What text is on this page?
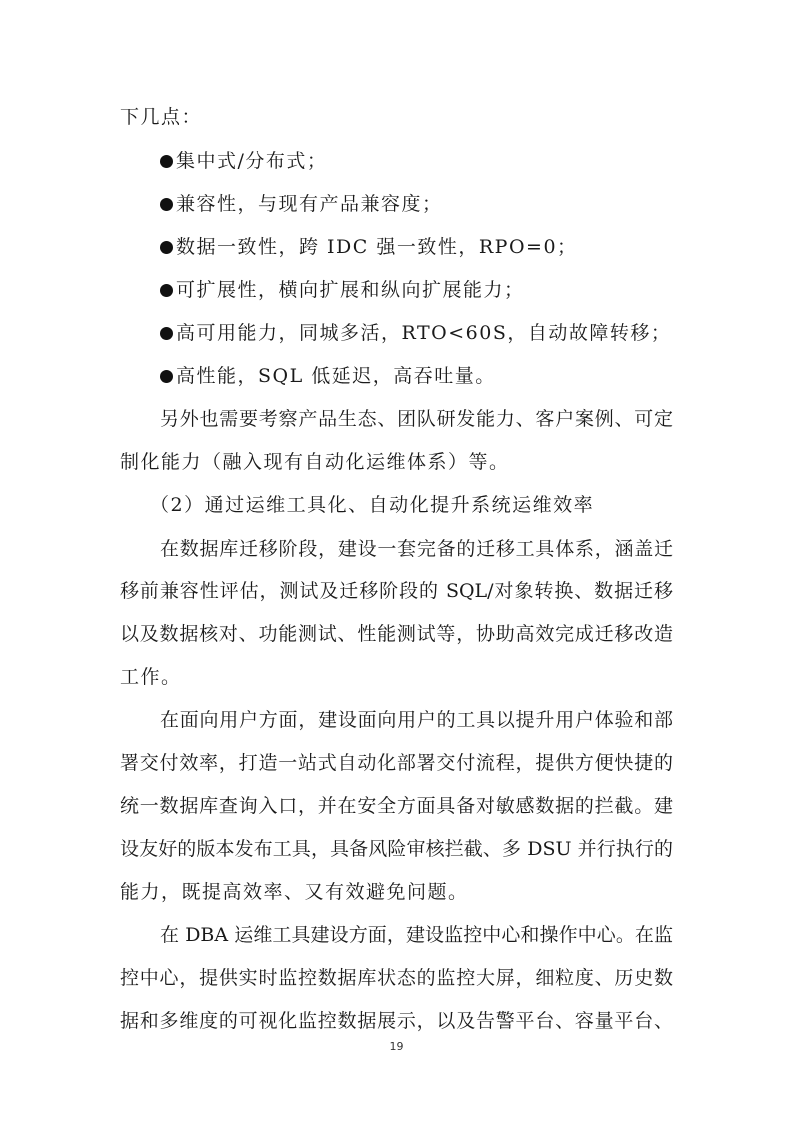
下几点：
集中式/分布式；
兼容性，与现有产品兼容度；
数据一致性，跨 IDC 强一致性，RPO=0；
可扩展性，横向扩展和纵向扩展能力；
高可用能力，同城多活，RTO<60S，自动故障转移；
高性能，SQL 低延迟，高吞吐量。
另外也需要考察产品生态、团队研发能力、客户案例、可定
制化能力（融入现有自动化运维体系）等。
（2）通过运维工具化、自动化提升系统运维效率
在数据库迁移阶段，建设一套完备的迁移工具体系，涵盖迁
移前兼容性评估，测试及迁移阶段的 SQL/对象转换、数据迁移
以及数据核对、功能测试、性能测试等，协助高效完成迁移改造
工作。
在面向用户方面，建设面向用户的工具以提升用户体验和部
署交付效率，打造一站式自动化部署交付流程，提供方便快捷的
统一数据库查询入口，并在安全方面具备对敏感数据的拦截。建
设友好的版本发布工具，具备风险审核拦截、多 DSU 并行执行的
能力，既提高效率、又有效避免问题。
在 DBA 运维工具建设方面，建设监控中心和操作中心。在监
控中心，提供实时监控数据库状态的监控大屏，细粒度、历史数
据和多维度的可视化监控数据展示，以及告警平台、容量平台、
19
